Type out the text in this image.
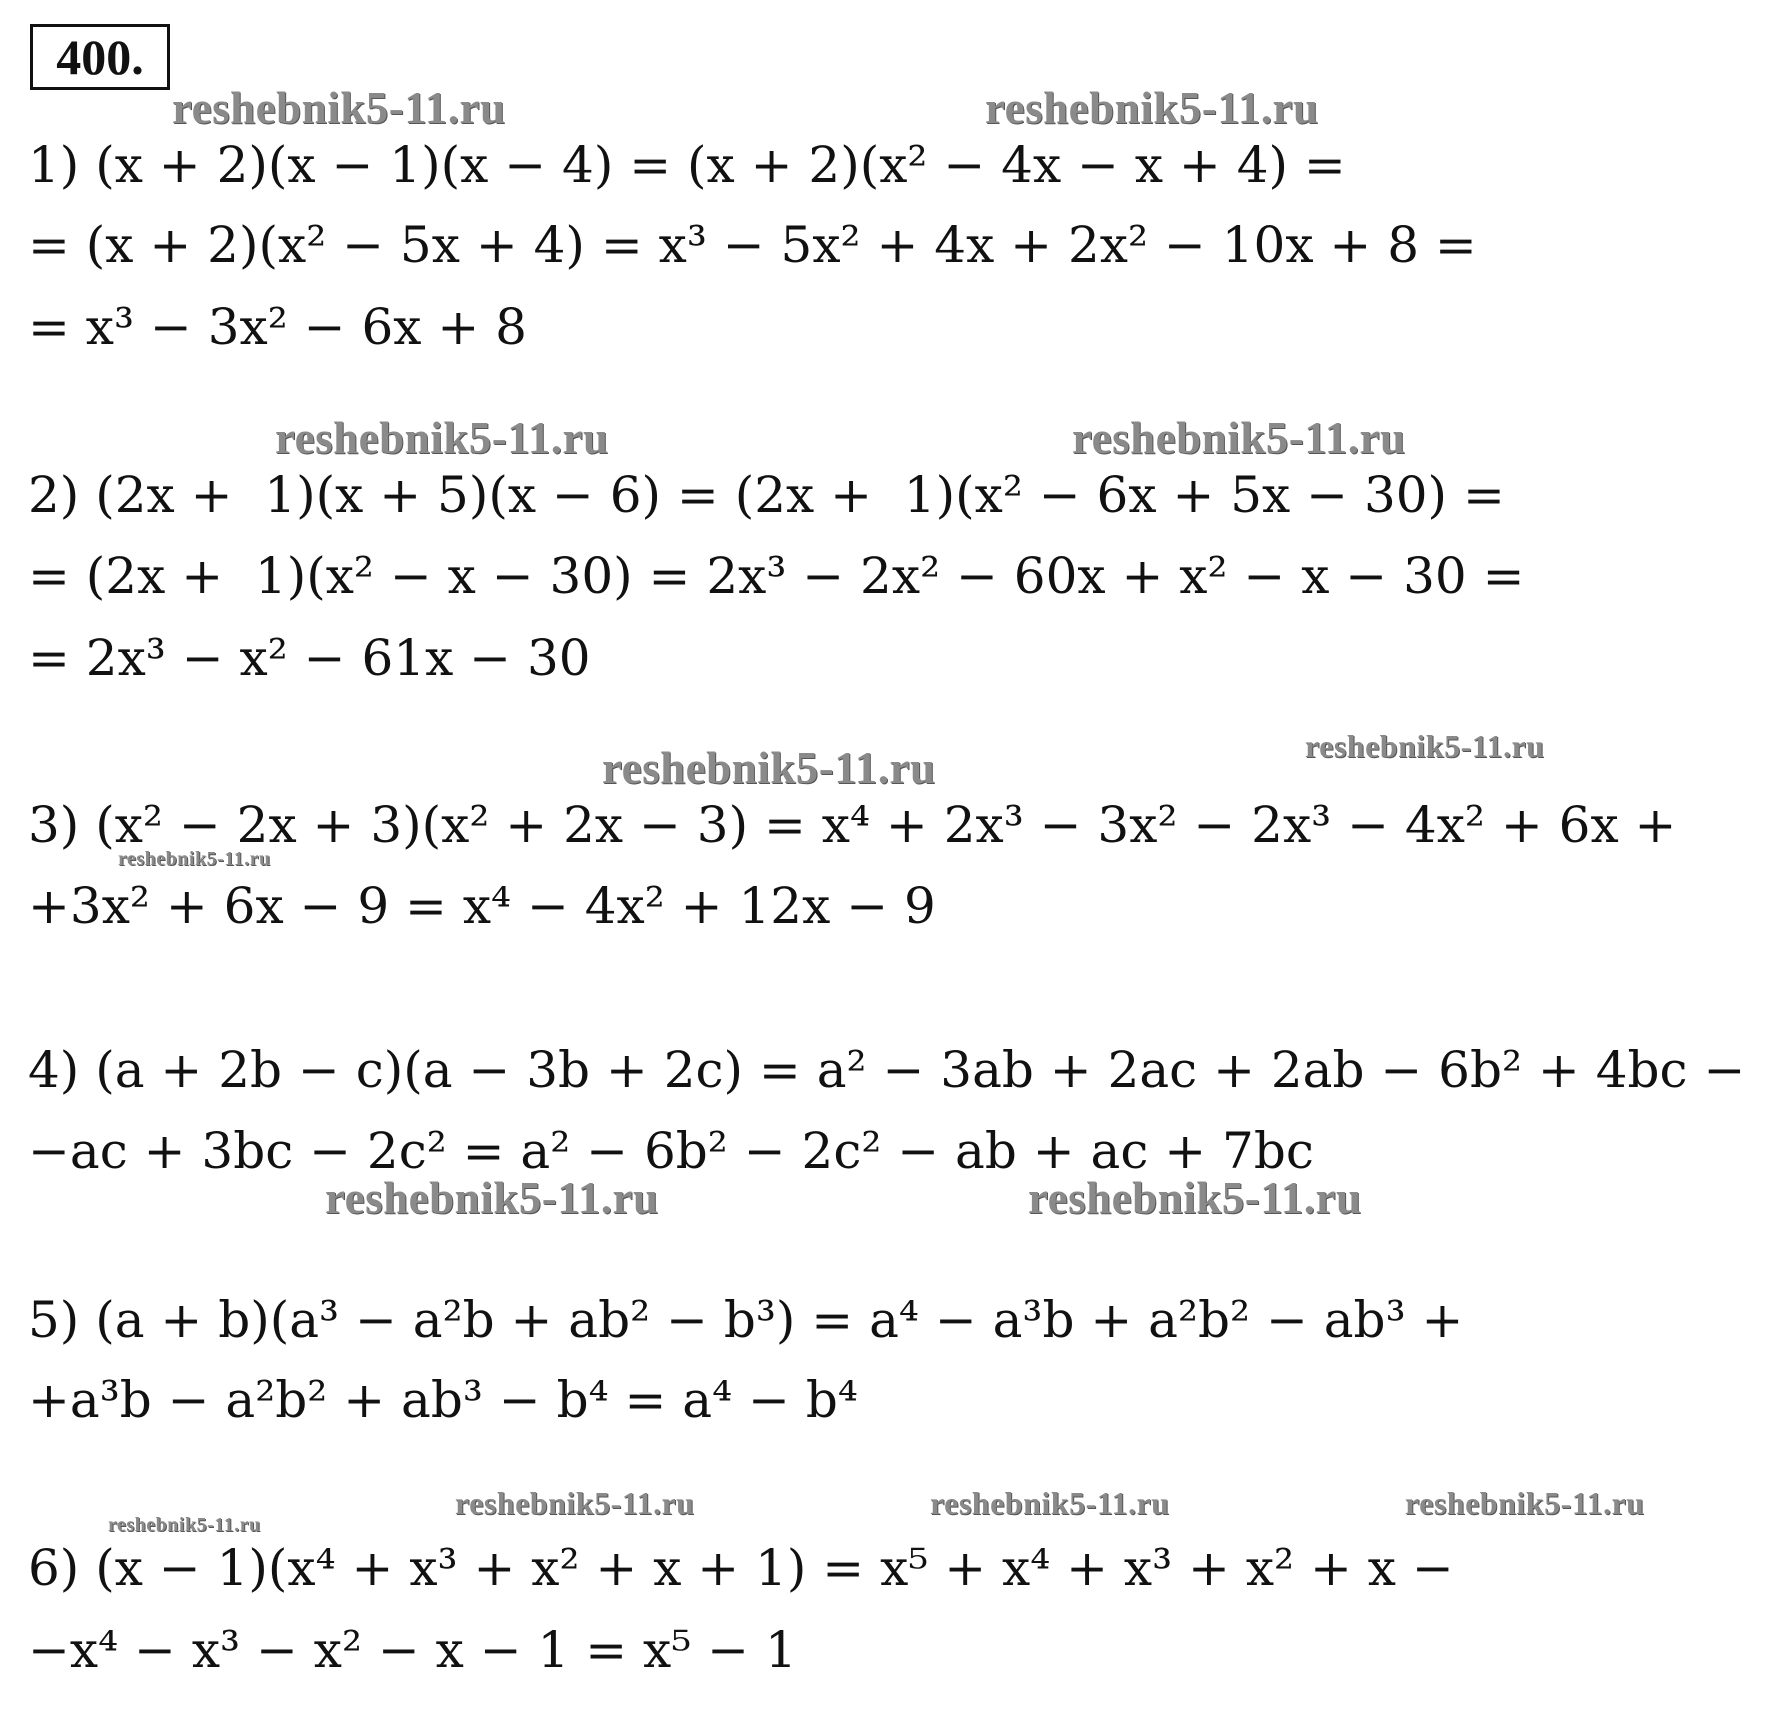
400.
reshebnik5-11.ru	reshebnik5-11.ru
reshebnik5-11.ru	reshebnik5-11.ru
reshebnik5-11.ru	reshebnik5-11.ru
reshebnik5-11.ru
reshebnik5-11.ru	reshebnik5-11.ru
reshebnik5-11.ru	reshebnik5-11.ru	reshebnik5-11.ru
reshebnik5-11.ru
1) (x + 2)(x − 1)(x − 4) = (x + 2)(x² − 4x − x + 4) =
= (x + 2)(x² − 5x + 4) = x³ − 5x² + 4x + 2x² − 10x + 8 =
= x³ − 3x² − 6x + 8
2) (2x +  1)(x + 5)(x − 6) = (2x +  1)(x² − 6x + 5x − 30) =
= (2x +  1)(x² − x − 30) = 2x³ − 2x² − 60x + x² − x − 30 =
= 2x³ − x² − 61x − 30
3) (x² − 2x + 3)(x² + 2x − 3) = x⁴ + 2x³ − 3x² − 2x³ − 4x² + 6x +
+3x² + 6x − 9 = x⁴ − 4x² + 12x − 9
4) (a + 2b − c)(a − 3b + 2c) = a² − 3ab + 2ac + 2ab − 6b² + 4bc −
−ac + 3bc − 2c² = a² − 6b² − 2c² − ab + ac + 7bc
5) (a + b)(a³ − a²b + ab² − b³) = a⁴ − a³b + a²b² − ab³ +
+a³b − a²b² + ab³ − b⁴ = a⁴ − b⁴
6) (x − 1)(x⁴ + x³ + x² + x + 1) = x⁵ + x⁴ + x³ + x² + x −
−x⁴ − x³ − x² − x − 1 = x⁵ − 1
